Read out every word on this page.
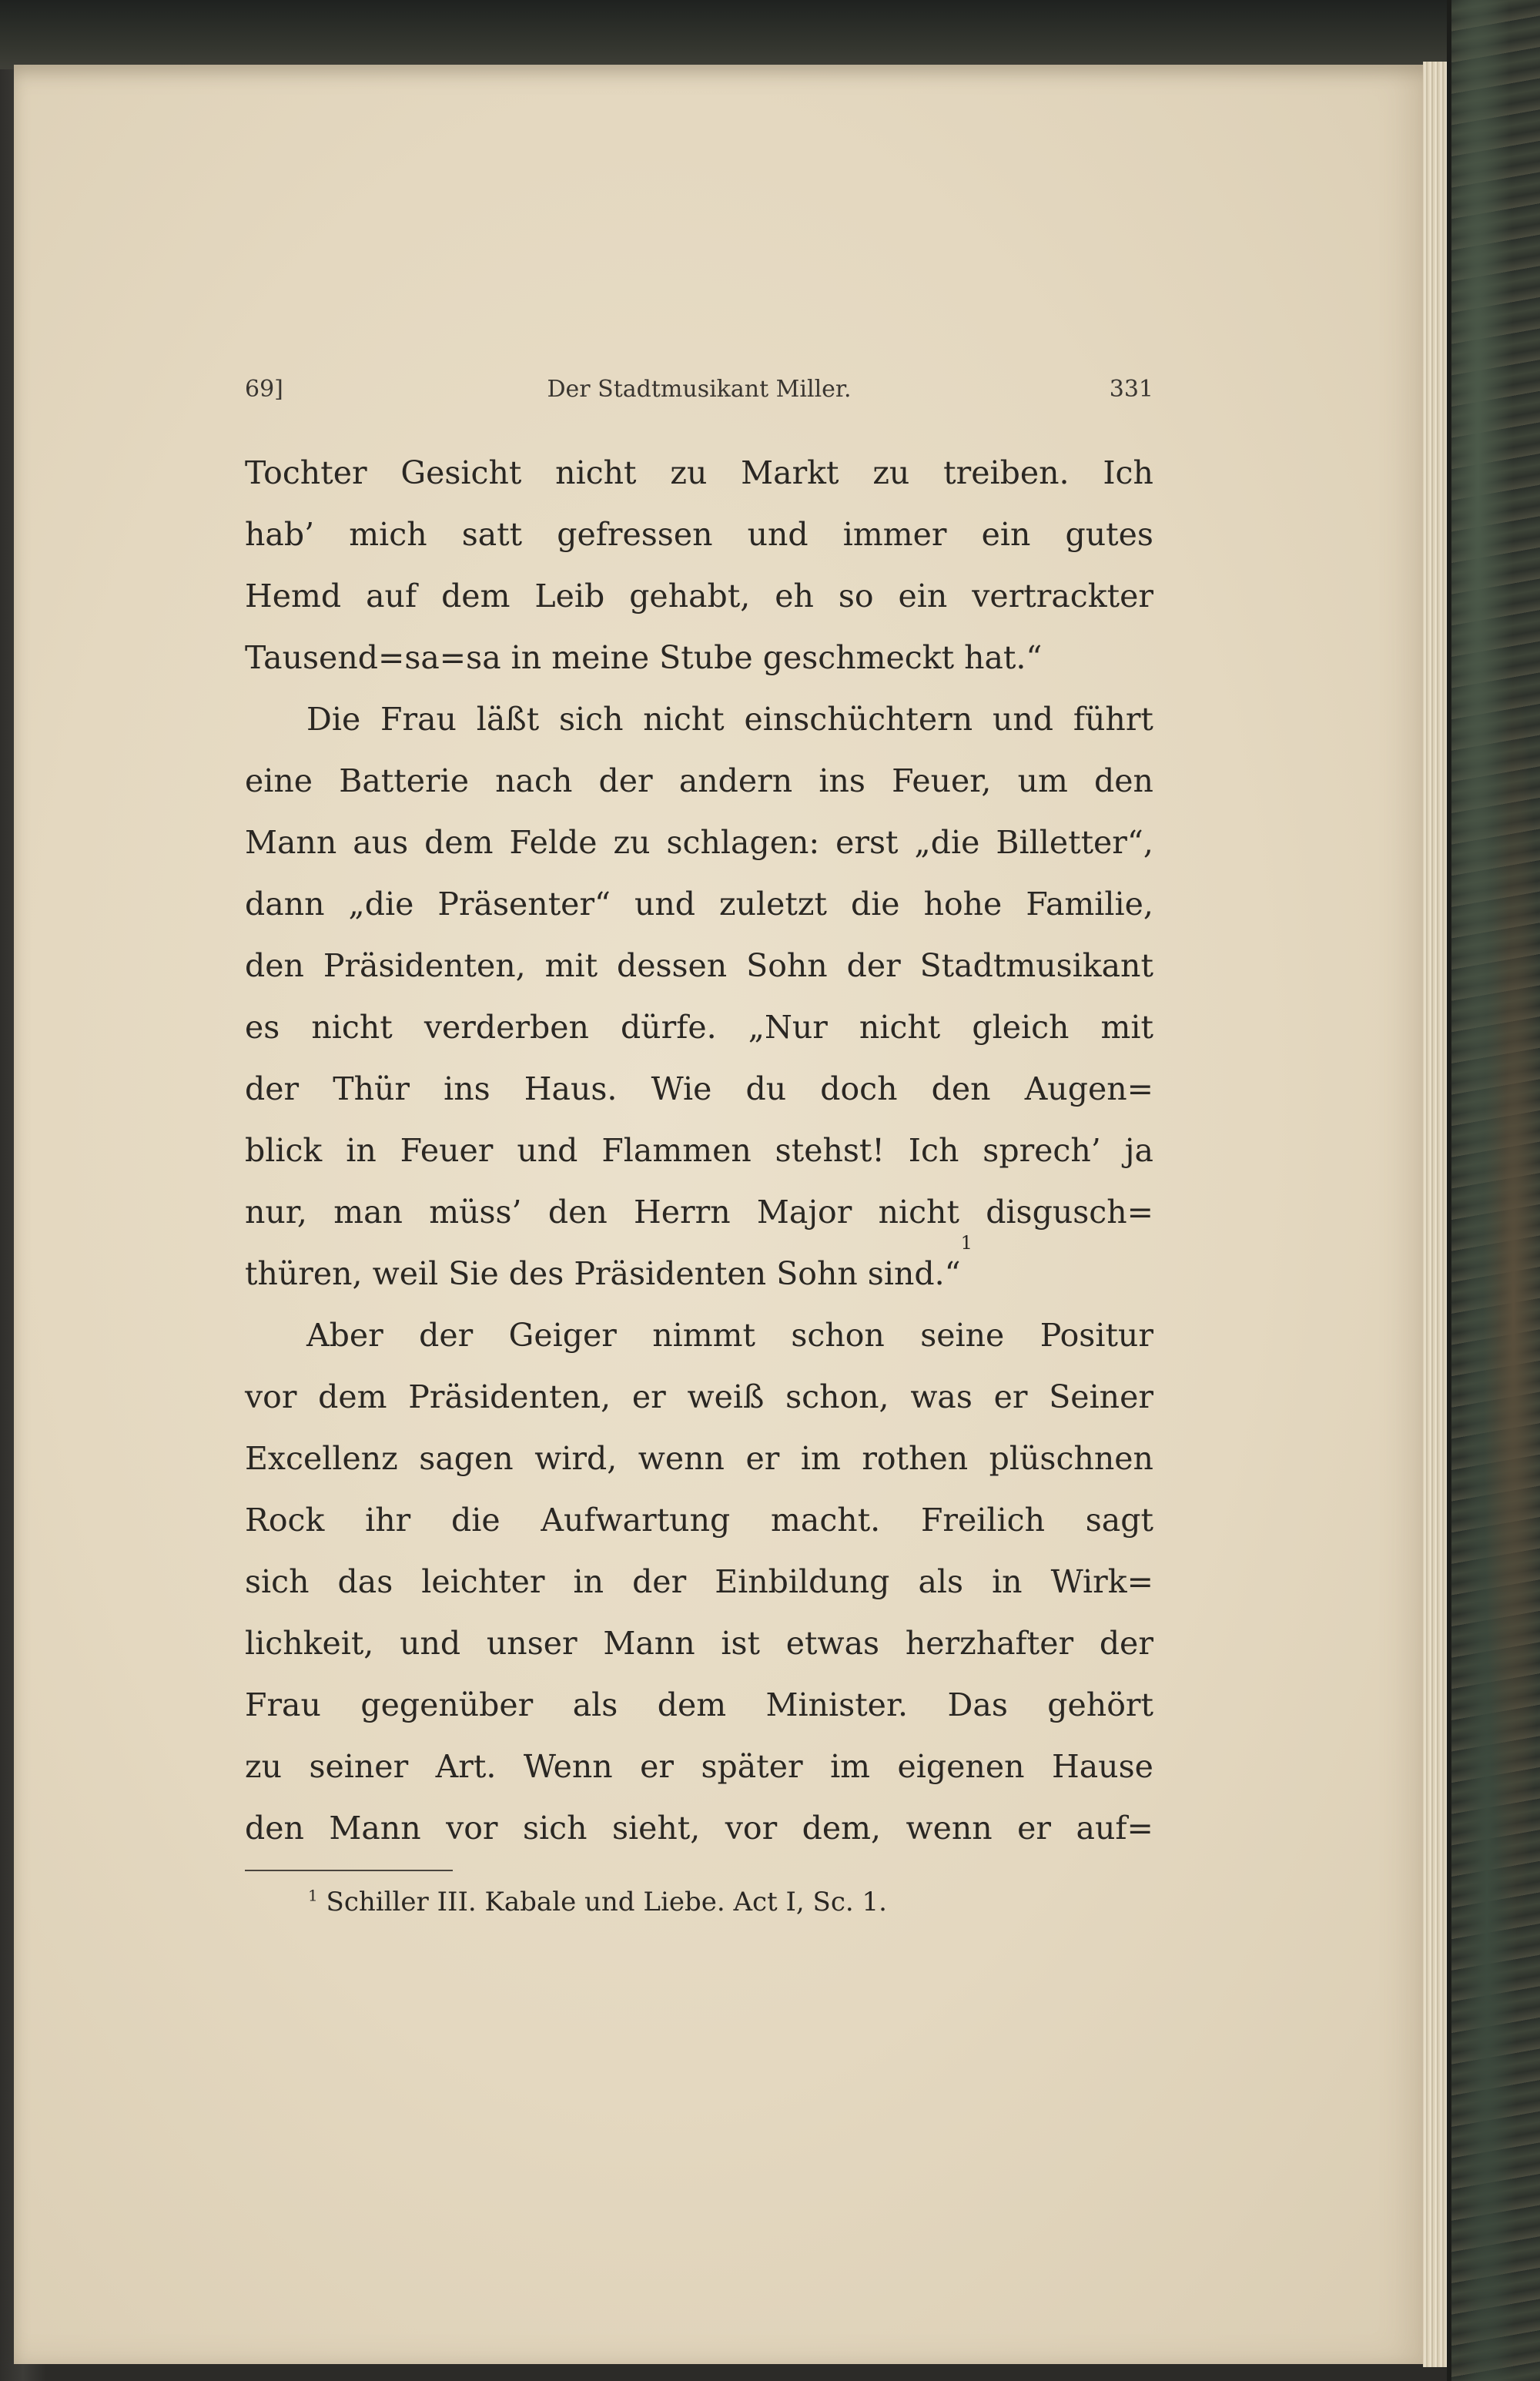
69]	Der Stadtmusikant Miller.	331
Tochter Gesicht nicht zu Markt zu treiben. Ich
hab’ mich satt gefressen und immer ein gutes
Hemd auf dem Leib gehabt, eh so ein vertrackter
Tausend=sa=sa in meine Stube geschmeckt hat.“
Die Frau läßt sich nicht einschüchtern und führt
eine Batterie nach der andern ins Feuer, um den
Mann aus dem Felde zu schlagen: erst „die Billetter“,
dann „die Präsenter“ und zuletzt die hohe Familie,
den Präsidenten, mit dessen Sohn der Stadtmusikant
es nicht verderben dürfe. „Nur nicht gleich mit
der Thür ins Haus. Wie du doch den Augen=
blick in Feuer und Flammen stehst! Ich sprech’ ja
nur, man müss’ den Herrn Major nicht disgusch=
thüren, weil Sie des Präsidenten Sohn sind.“
1
Aber der Geiger nimmt schon seine Positur
vor dem Präsidenten, er weiß schon, was er Seiner
Excellenz sagen wird, wenn er im rothen plüschnen
Rock ihr die Aufwartung macht. Freilich sagt
sich das leichter in der Einbildung als in Wirk=
lichkeit, und unser Mann ist etwas herzhafter der
Frau gegenüber als dem Minister. Das gehört
zu seiner Art. Wenn er später im eigenen Hause
den Mann vor sich sieht, vor dem, wenn er auf=
$^1$ Schiller III. Kabale und Liebe. Act I, Sc. 1.
